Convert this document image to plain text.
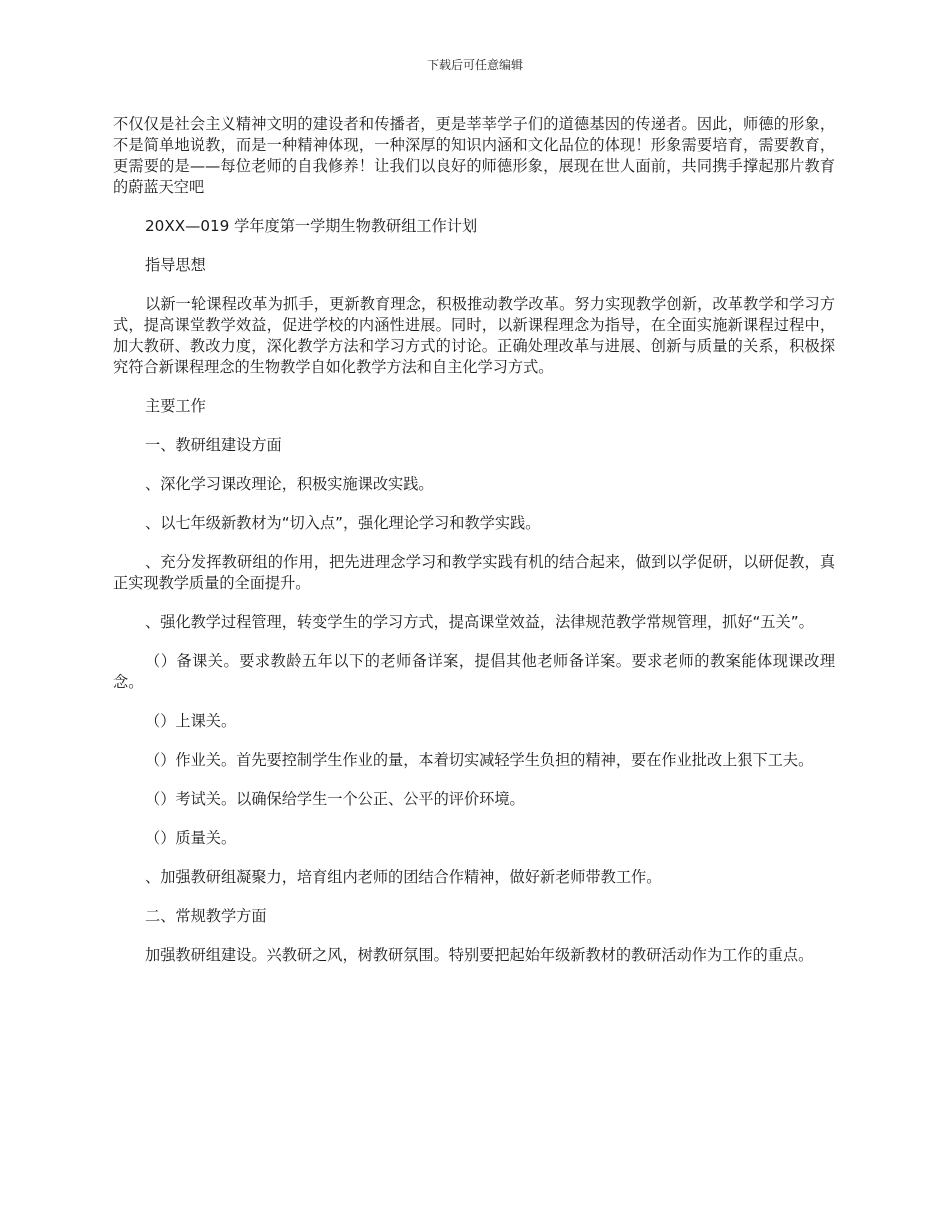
下载后可任意编辑

不仅仅是社会主义精神文明的建设者和传播者，更是莘莘学子们的道德基因的传递者。因此，师德的形象，不是简单地说教，而是一种精神体现，一种深厚的知识内涵和文化品位的体现！形象需要培育，需要教育，更需要的是——每位老师的自我修养！让我们以良好的师德形象，展现在世人面前，共同携手撑起那片教育的蔚蓝天空吧

20XX—019 学年度第一学期生物教研组工作计划

指导思想

以新一轮课程改革为抓手，更新教育理念，积极推动教学改革。努力实现教学创新，改革教学和学习方式，提高课堂教学效益，促进学校的内涵性进展。同时，以新课程理念为指导，在全面实施新课程过程中，加大教研、教改力度，深化教学方法和学习方式的讨论。正确处理改革与进展、创新与质量的关系，积极探究符合新课程理念的生物教学自如化教学方法和自主化学习方式。

主要工作

一、教研组建设方面

、深化学习课改理论，积极实施课改实践。

、以七年级新教材为“切入点”，强化理论学习和教学实践。

、充分发挥教研组的作用，把先进理念学习和教学实践有机的结合起来，做到以学促研，以研促教，真正实现教学质量的全面提升。

、强化教学过程管理，转变学生的学习方式，提高课堂效益，法律规范教学常规管理，抓好“五关”。

（）备课关。要求教龄五年以下的老师备详案，提倡其他老师备详案。要求老师的教案能体现课改理念。

（）上课关。

（）作业关。首先要控制学生作业的量，本着切实减轻学生负担的精神，要在作业批改上狠下工夫。

（）考试关。以确保给学生一个公正、公平的评价环境。

（）质量关。

、加强教研组凝聚力，培育组内老师的团结合作精神，做好新老师带教工作。

二、常规教学方面

加强教研组建设。兴教研之风，树教研氛围。特别要把起始年级新教材的教研活动作为工作的重点。
